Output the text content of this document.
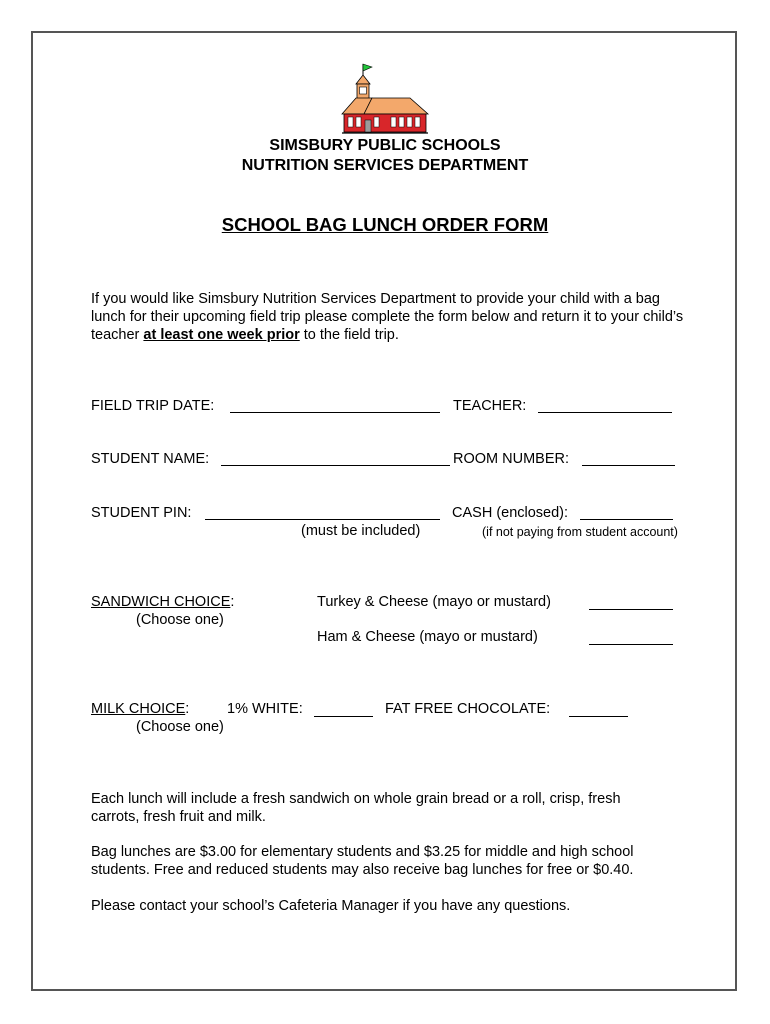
SIMSBURY PUBLIC SCHOOLS
NUTRITION SERVICES DEPARTMENT
SCHOOL BAG LUNCH ORDER FORM
If you would like Simsbury Nutrition Services Department to provide your child with a bag lunch for their upcoming field trip please complete the form below and return it to your child’s teacher at least one week prior to the field trip.
FIELD TRIP DATE:	TEACHER:
STUDENT NAME:	ROOM NUMBER:
STUDENT PIN:	CASH (enclosed):
(must be included)	(if not paying from student account)
SANDWICH CHOICE:
(Choose one)
Turkey & Cheese (mayo or mustard)
Ham & Cheese (mayo or mustard)
MILK CHOICE:
(Choose one)
1% WHITE:	FAT FREE CHOCOLATE:
Each lunch will include a fresh sandwich on whole grain bread or a roll, crisp, fresh carrots, fresh fruit and milk.
Bag lunches are $3.00 for elementary students and $3.25 for middle and high school students. Free and reduced students may also receive bag lunches for free or $0.40.
Please contact your school’s Cafeteria Manager if you have any questions.
